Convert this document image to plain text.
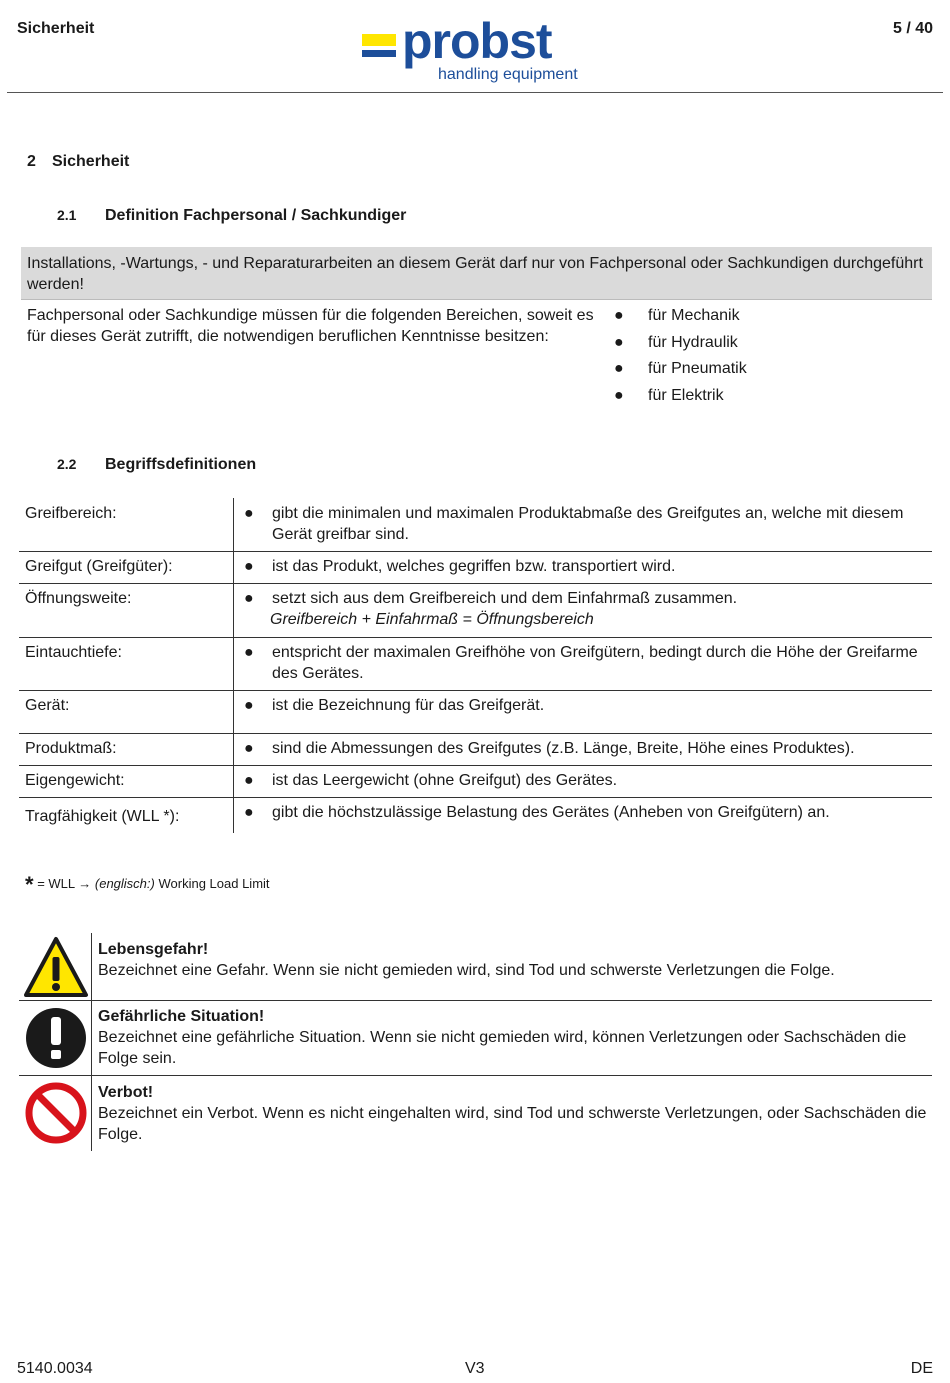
Sicherheit	probst
handling equipment
5 / 40
2 Sicherheit
2.1 Definition Fachpersonal / Sachkundiger

Installations, -Wartungs, - und Reparaturarbeiten an diesem Gerät darf nur von Fachpersonal oder Sachkundigen durchgeführt werden!

Fachpersonal oder Sachkundige müssen für die folgenden Bereichen, soweit es für dieses Gerät zutrifft, die notwendigen beruflichen Kenntnisse besitzen:
● für Mechanik
● für Hydraulik
● für Pneumatik
● für Elektrik
2.2 Begriffsdefinitionen
Greifbereich:	● gibt die minimalen und maximalen Produktabmaße des Greifgutes an, welche mit diesem Gerät greifbar sind.

Greifgut (Greifgüter):	● ist das Produkt, welches gegriffen bzw. transportiert wird.

Öffnungsweite:	● setzt sich aus dem Greifbereich und dem Einfahrmaß zusammen.
Greifbereich + Einfahrmaß = Öffnungsbereich

Eintauchtiefe:	● entspricht der maximalen Greifhöhe von Greifgütern, bedingt durch die Höhe der Greifarme des Gerätes.

Gerät:	● ist die Bezeichnung für das Greifgerät.

Produktmaß:	● sind die Abmessungen des Greifgutes (z.B. Länge, Breite, Höhe eines Produktes).

Eigengewicht:	● ist das Leergewicht (ohne Greifgut) des Gerätes.

Tragfähigkeit (WLL *):	● gibt die höchstzulässige Belastung des Gerätes (Anheben von Greifgütern) an.
* = WLL → (englisch:) Working Load Limit
Lebensgefahr!
Bezeichnet eine Gefahr. Wenn sie nicht gemieden wird, sind Tod und schwerste Verletzungen die Folge.
Gefährliche Situation!
Bezeichnet eine gefährliche Situation. Wenn sie nicht gemieden wird, können Verletzungen oder Sachschäden die Folge sein.
Verbot!
Bezeichnet ein Verbot. Wenn es nicht eingehalten wird, sind Tod und schwerste Verletzungen, oder Sachschäden die Folge.
5140.0034	V3	DE
